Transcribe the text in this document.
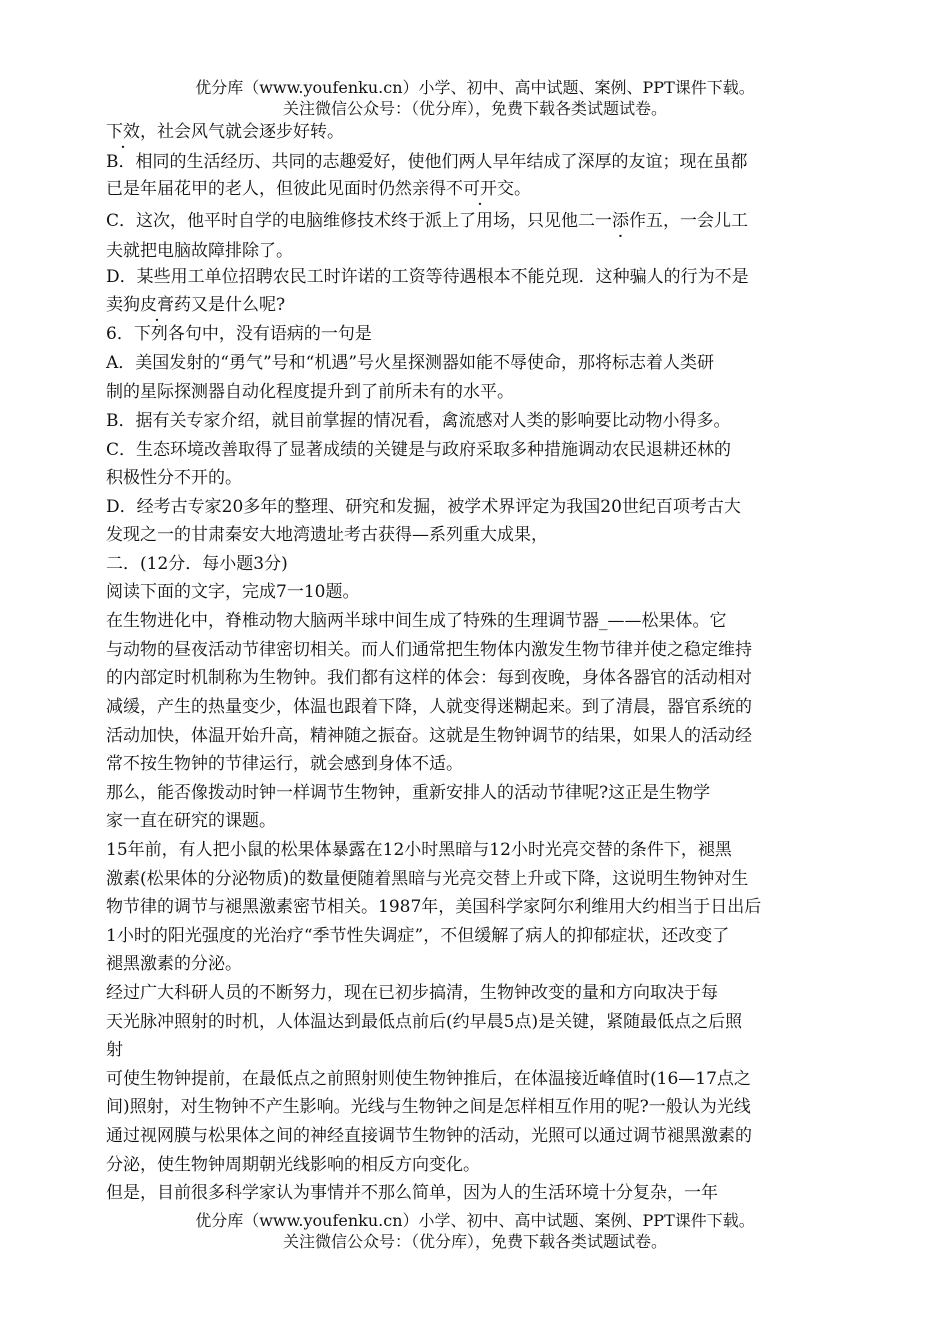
优分库（www.youfenku.cn）小学、初中、高中试题、案例、PPT课件下载。
关注微信公众号：（优分库），免费下载各类试题试卷。
下效，社会风气就会逐步好转。
B．相同的生活经历、共同的志趣爱好，使他们两人早年结成了深厚的友谊；现在虽都
已是年届花甲的老人，但彼此见面时仍然亲得不可开交。
C．这次，他平时自学的电脑维修技术终于派上了用场，只见他二一添作五 ·，一会儿工
夫就把电脑故障排除了。
D．某些用工单位招聘农民工时许诺的工资等待遇根本不能兑现．这种骗人的行为不是
卖狗皮膏药又是什么呢?
6．下列各句中，没有语病的一句是
A．美国发射的“勇气”号和“机遇”号火星探测器如能不辱使命，那将标志着人类研
制的星际探测器自动化程度提升到了前所未有的水平。
B．据有关专家介绍，就目前掌握的情况看，禽流感对人类的影响要比动物小得多。
C．生态环境改善取得了显著成绩的关键是与政府采取多种措施调动农民退耕还林的
积极性分不开的。
D．经考古专家20多年的整理、研究和发掘，被学术界评定为我国20世纪百项考古大
发现之一的甘肃秦安大地湾遗址考古获得—系列重大成果，
二．(12分．每小题3分)
阅读下面的文字，完成7一10题。
在生物进化中，脊椎动物大脑两半球中间生成了特殊的生理调节器_——松果体。它
与动物的昼夜活动节律密切相关。而人们通常把生物体内激发生物节律并使之稳定维持
的内部定时机制称为生物钟。我们都有这样的体会：每到夜晚，身体各器官的活动相对
减缓，产生的热量变少，体温也跟着下降，人就变得迷糊起来。到了清晨，器官系统的
活动加快，体温开始升高，精神随之振奋。这就是生物钟调节的结果，如果人的活动经
常不按生物钟的节律运行，就会感到身体不适。
那么，能否像拨动时钟一样调节生物钟，重新安排人的活动节律呢?这正是生物学
家一直在研究的课题。
15年前，有人把小鼠的松果体暴露在12小时黑暗与12小时光亮交替的条件下，褪黑
激素(松果体的分泌物质)的数量便随着黑暗与光亮交替上升或下降，这说明生物钟对生
物节律的调节与褪黑激素密节相关。1987年，美国科学家阿尔利维用大约相当于日出后
1小时的阳光强度的光治疗“季节性失调症”，不但缓解了病人的抑郁症状，还改变了
褪黑激素的分泌。
经过广大科研人员的不断努力，现在已初步搞清，生物钟改变的量和方向取决于每
天光脉冲照射的时机，人体温达到最低点前后(约早晨5点)是关键，紧随最低点之后照
射
可使生物钟提前，在最低点之前照射则使生物钟推后，在体温接近峰值时(16—17点之
间)照射，对生物钟不产生影响。光线与生物钟之间是怎样相互作用的呢?一般认为光线
通过视网膜与松果体之间的神经直接调节生物钟的活动，光照可以通过调节褪黑激素的
分泌，使生物钟周期朝光线影响的相反方向变化。
但是，目前很多科学家认为事情并不那么简单，因为人的生活环境十分复杂，一年
优分库（www.youfenku.cn）小学、初中、高中试题、案例、PPT课件下载。
关注微信公众号：（优分库），免费下载各类试题试卷。
